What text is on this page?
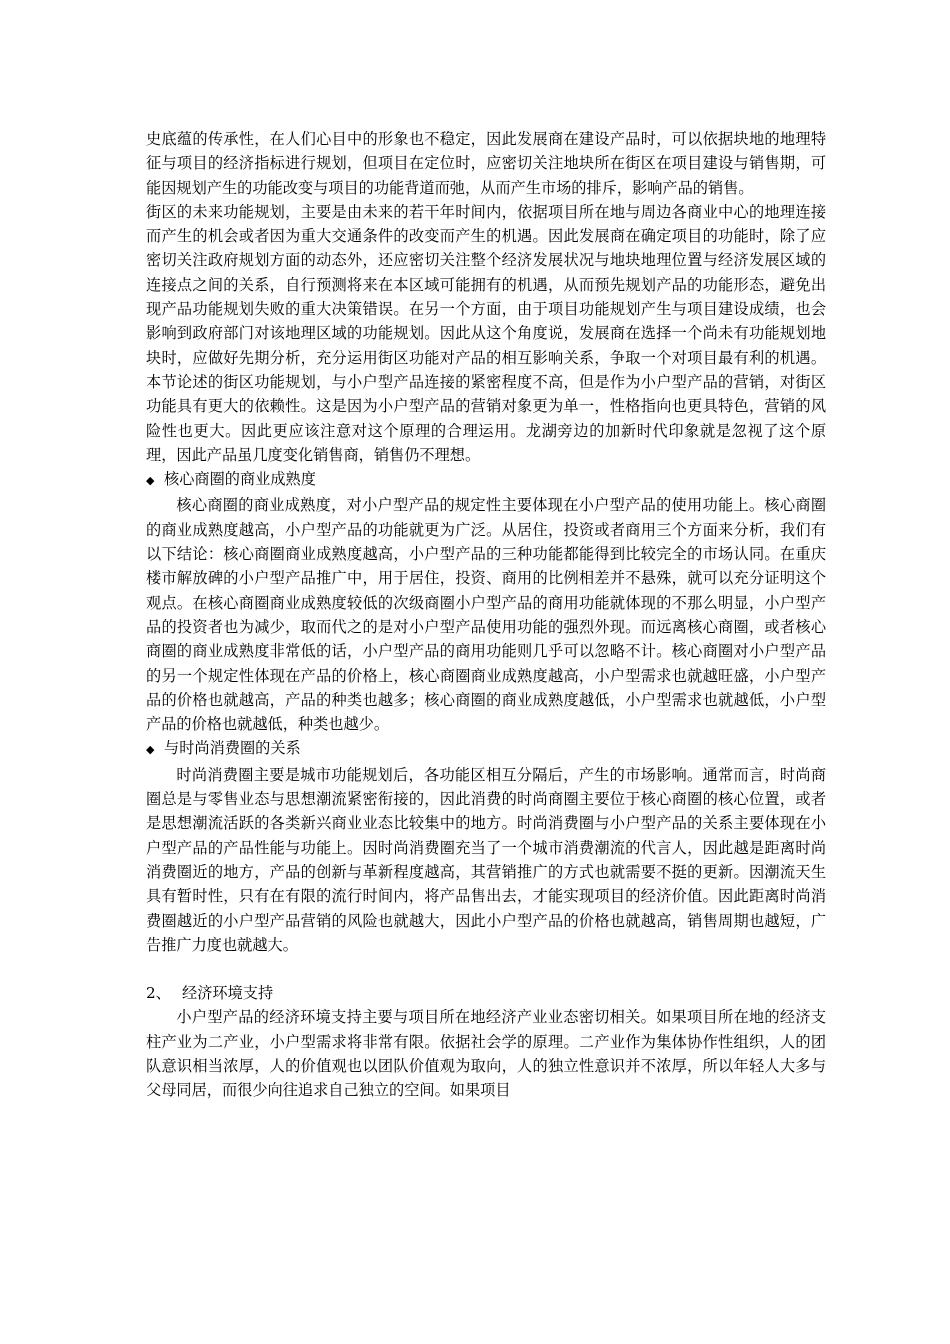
史底蕴的传承性，在人们心目中的形象也不稳定，因此发展商在建设产品时，可以依据块地的地理特征与项目的经济指标进行规划，但项目在定位时，应密切关注地块所在街区在项目建设与销售期，可能因规划产生的功能改变与项目的功能背道而弛，从而产生市场的排斥，影响产品的销售。

街区的未来功能规划，主要是由未来的若干年时间内，依据项目所在地与周边各商业中心的地理连接而产生的机会或者因为重大交通条件的改变而产生的机遇。因此发展商在确定项目的功能时，除了应密切关注政府规划方面的动态外，还应密切关注整个经济发展状况与地块地理位置与经济发展区域的连接点之间的关系，自行预测将来在本区域可能拥有的机遇，从而预先规划产品的功能形态，避免出现产品功能规划失败的重大决策错误。在另一个方面，由于项目功能规划产生与项目建设成绩，也会影响到政府部门对该地理区域的功能规划。因此从这个角度说，发展商在选择一个尚未有功能规划地块时，应做好先期分析，充分运用街区功能对产品的相互影响关系，争取一个对项目最有利的机遇。本节论述的街区功能规划，与小户型产品连接的紧密程度不高，但是作为小户型产品的营销，对街区功能具有更大的依赖性。这是因为小户型产品的营销对象更为单一，性格指向也更具特色，营销的风险性也更大。因此更应该注意对这个原理的合理运用。龙湖旁边的加新时代印象就是忽视了这个原理，因此产品虽几度变化销售商，销售仍不理想。

◆ 核心商圈的商业成熟度

核心商圈的商业成熟度，对小户型产品的规定性主要体现在小户型产品的使用功能上。核心商圈的商业成熟度越高，小户型产品的功能就更为广泛。从居住，投资或者商用三个方面来分析，我们有以下结论：核心商圈商业成熟度越高，小户型产品的三种功能都能得到比较完全的市场认同。在重庆楼市解放碑的小户型产品推广中，用于居住，投资、商用的比例相差并不悬殊，就可以充分证明这个观点。在核心商圈商业成熟度较低的次级商圈小户型产品的商用功能就体现的不那么明显，小户型产品的投资者也为减少，取而代之的是对小户型产品使用功能的强烈外现。而远离核心商圈，或者核心商圈的商业成熟度非常低的话，小户型产品的商用功能则几乎可以忽略不计。核心商圈对小户型产品的另一个规定性体现在产品的价格上，核心商圈商业成熟度越高，小户型需求也就越旺盛，小户型产品的价格也就越高，产品的种类也越多；核心商圈的商业成熟度越低，小户型需求也就越低，小户型产品的价格也就越低，种类也越少。

◆ 与时尚消费圈的关系

时尚消费圈主要是城市功能规划后，各功能区相互分隔后，产生的市场影响。通常而言，时尚商圈总是与零售业态与思想潮流紧密衔接的，因此消费的时尚商圈主要位于核心商圈的核心位置，或者是思想潮流活跃的各类新兴商业业态比较集中的地方。时尚消费圈与小户型产品的关系主要体现在小户型产品的产品性能与功能上。因时尚消费圈充当了一个城市消费潮流的代言人，因此越是距离时尚消费圈近的地方，产品的创新与革新程度越高，其营销推广的方式也就需要不挺的更新。因潮流天生具有暂时性，只有在有限的流行时间内，将产品售出去，才能实现项目的经济价值。因此距离时尚消费圈越近的小户型产品营销的风险也就越大，因此小户型产品的价格也就越高，销售周期也越短，广告推广力度也就越大。

2、 经济环境支持

小户型产品的经济环境支持主要与项目所在地经济产业业态密切相关。如果项目所在地的经济支柱产业为二产业，小户型需求将非常有限。依据社会学的原理。二产业作为集体协作性组织，人的团队意识相当浓厚，人的价值观也以团队价值观为取向，人的独立性意识并不浓厚，所以年轻人大多与父母同居，而很少向往追求自己独立的空间。如果项目
